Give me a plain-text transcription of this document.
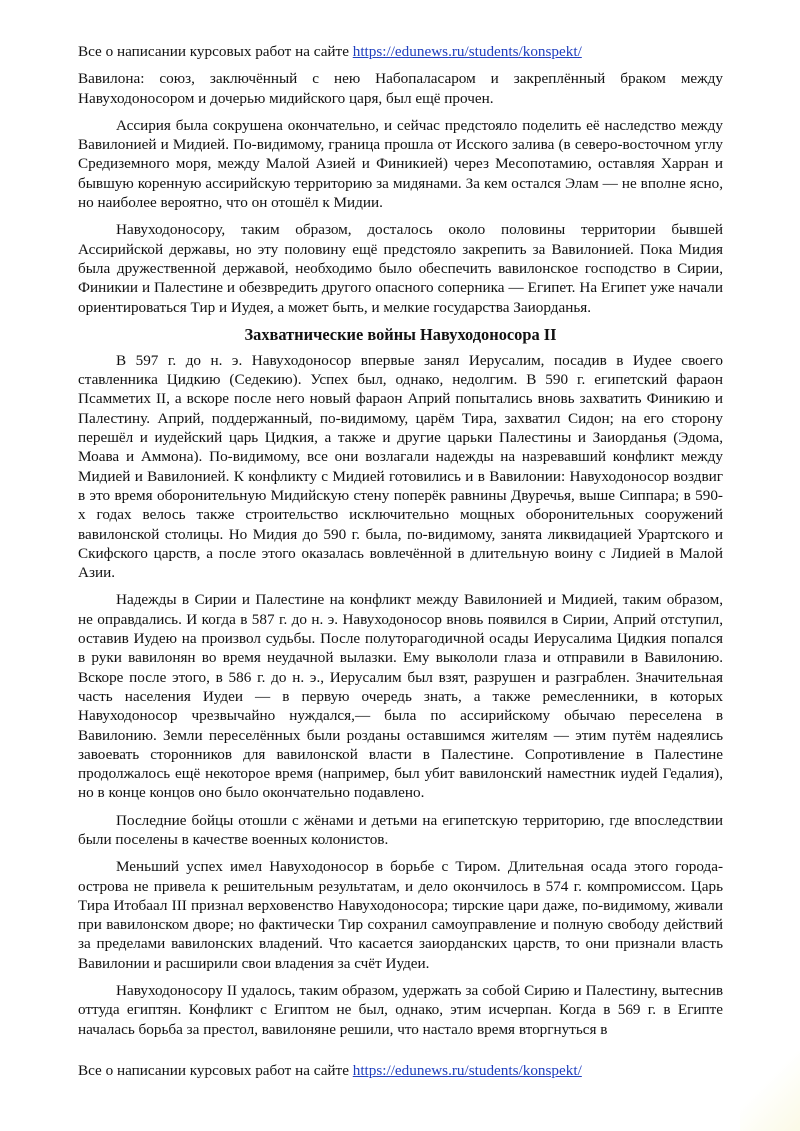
Все о написании курсовых работ на сайте https://edunews.ru/students/konspekt/

Вавилона: союз, заключённый с нею Набопаласаром и закреплённый браком между Навуходоносором и дочерью мидийского царя, был ещё прочен.

Ассирия была сокрушена окончательно, и сейчас предстояло поделить её наследство между Вавилонией и Мидией. По-видимому, граница прошла от Исского залива (в северо-восточном углу Средиземного моря, между Малой Азией и Финикией) через Месопотамию, оставляя Харран и бывшую коренную ассирийскую территорию за мидянами. За кем остался Элам — не вполне ясно, но наиболее вероятно, что он отошёл к Мидии.

Навуходоносору, таким образом, досталось около половины территории бывшей Ассирийской державы, но эту половину ещё предстояло закрепить за Вавилонией. Пока Мидия была дружественной державой, необходимо было обеспечить вавилонское господство в Сирии, Финикии и Палестине и обезвредить другого опасного соперника — Египет. На Египет уже начали ориентироваться Тир и Иудея, а может быть, и мелкие государства Заиорданья.

Захватнические войны Навуходоносора II

В 597 г. до н. э. Навуходоносор впервые занял Иерусалим, посадив в Иудее своего ставленника Цидкию (Седекию). Успех был, однако, недолгим. В 590 г. египетский фараон Псамметих II, а вскоре после него новый фараон Априй попытались вновь захватить Финикию и Палестину. Априй, поддержанный, по-видимому, царём Тира, захватил Сидон; на его сторону перешёл и иудейский царь Цидкия, а также и другие царьки Палестины и Заиорданья (Эдома, Моава и Аммона). По-видимому, все они возлагали надежды на назревавший конфликт между Мидией и Вавилонией. К конфликту с Мидией готовились и в Вавилонии: Навуходоносор воздвиг в это время оборонительную Мидийскую стену поперёк равнины Двуречья, выше Сиппара; в 590-х годах велось также строительство исключительно мощных оборонительных сооружений вавилонской столицы. Но Мидия до 590 г. была, по-видимому, занята ликвидацией Урартского и Скифского царств, а после этого оказалась вовлечённой в длительную воину с Лидией в Малой Азии.

Надежды в Сирии и Палестине на конфликт между Вавилонией и Мидией, таким образом, не оправдались. И когда в 587 г. до н. э. Навуходоносор вновь появился в Сирии, Априй отступил, оставив Иудею на произвол судьбы. После полуторагодичной осады Иерусалима Цидкия попался в руки вавилонян во время неудачной вылазки. Ему выкололи глаза и отправили в Вавилонию. Вскоре после этого, в 586 г. до н. э., Иерусалим был взят, разрушен и разграблен. Значительная часть населения Иудеи — в первую очередь знать, а также ремесленники, в которых Навуходоносор чрезвычайно нуждался,— была по ассирийскому обычаю переселена в Вавилонию. Земли переселённых были розданы оставшимся жителям — этим путём надеялись завоевать сторонников для вавилонской власти в Палестине. Сопротивление в Палестине продолжалось ещё некоторое время (например, был убит вавилонский наместник иудей Гедалия), но в конце концов оно было окончательно подавлено.

Последние бойцы отошли с жёнами и детьми на египетскую территорию, где впоследствии были поселены в качестве военных колонистов.

Меньший успех имел Навуходоносор в борьбе с Тиром. Длительная осада этого города-острова не привела к решительным результатам, и дело окончилось в 574 г. компромиссом. Царь Тира Итобаал III признал верховенство Навуходоносора; тирские цари даже, по-видимому, живали при вавилонском дворе; но фактически Тир сохранил самоуправление и полную свободу действий за пределами вавилонских владений. Что касается заиорданских царств, то они признали власть Вавилонии и расширили свои владения за счёт Иудеи.

Навуходоносору II удалось, таким образом, удержать за собой Сирию и Палестину, вытеснив оттуда египтян. Конфликт с Египтом не был, однако, этим исчерпан. Когда в 569 г. в Египте началась борьба за престол, вавилоняне решили, что настало время вторгнуться в

Все о написании курсовых работ на сайте https://edunews.ru/students/konspekt/
